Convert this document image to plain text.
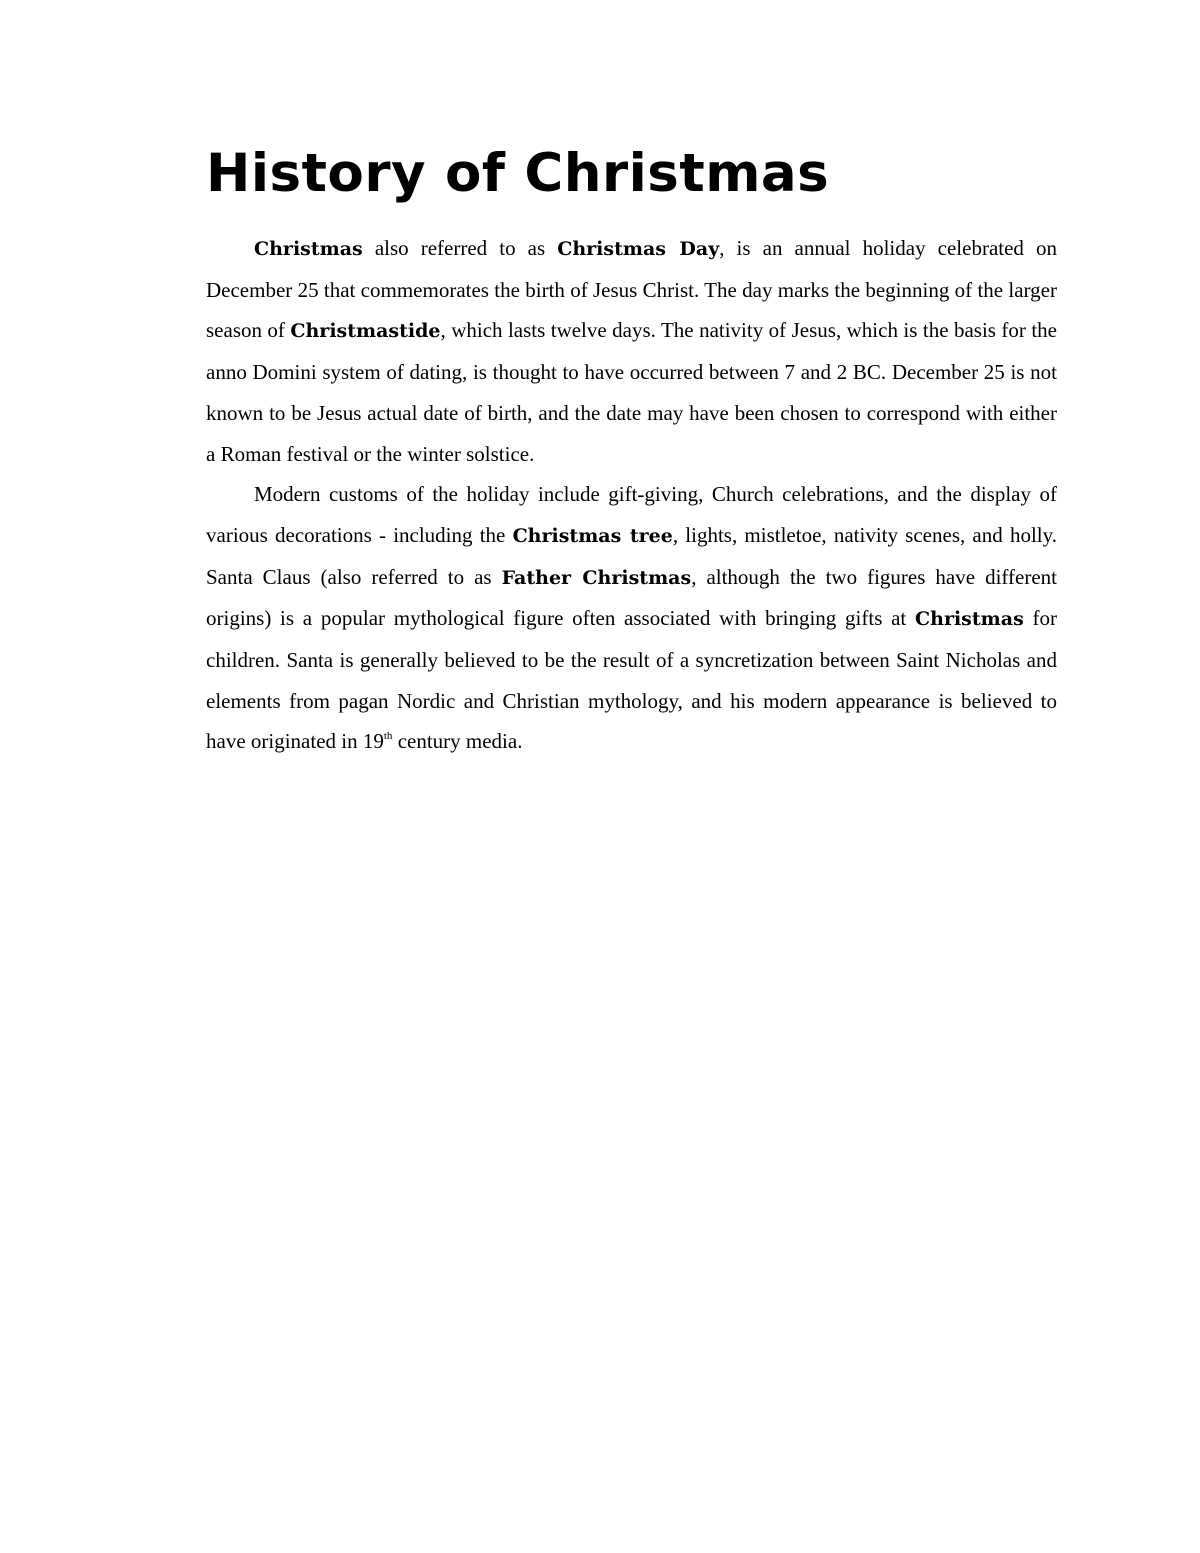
History of Christmas

Christmas also referred to as Christmas Day, is an annual holiday celebrated on December 25 that commemorates the birth of Jesus Christ. The day marks the beginning of the larger season of Christmastide, which lasts twelve days. The nativity of Jesus, which is the basis for the anno Domini system of dating, is thought to have occurred between 7 and 2 BC. December 25 is not known to be Jesus actual date of birth, and the date may have been chosen to correspond with either a Roman festival or the winter solstice.

Modern customs of the holiday include gift-giving, Church celebrations, and the display of various decorations - including the Christmas tree, lights, mistletoe, nativity scenes, and holly. Santa Claus (also referred to as Father Christmas, although the two figures have different origins) is a popular mythological figure often associated with bringing gifts at Christmas for children. Santa is generally believed to be the result of a syncretization between Saint Nicholas and elements from pagan Nordic and Christian mythology, and his modern appearance is believed to have originated in 19th century media.
